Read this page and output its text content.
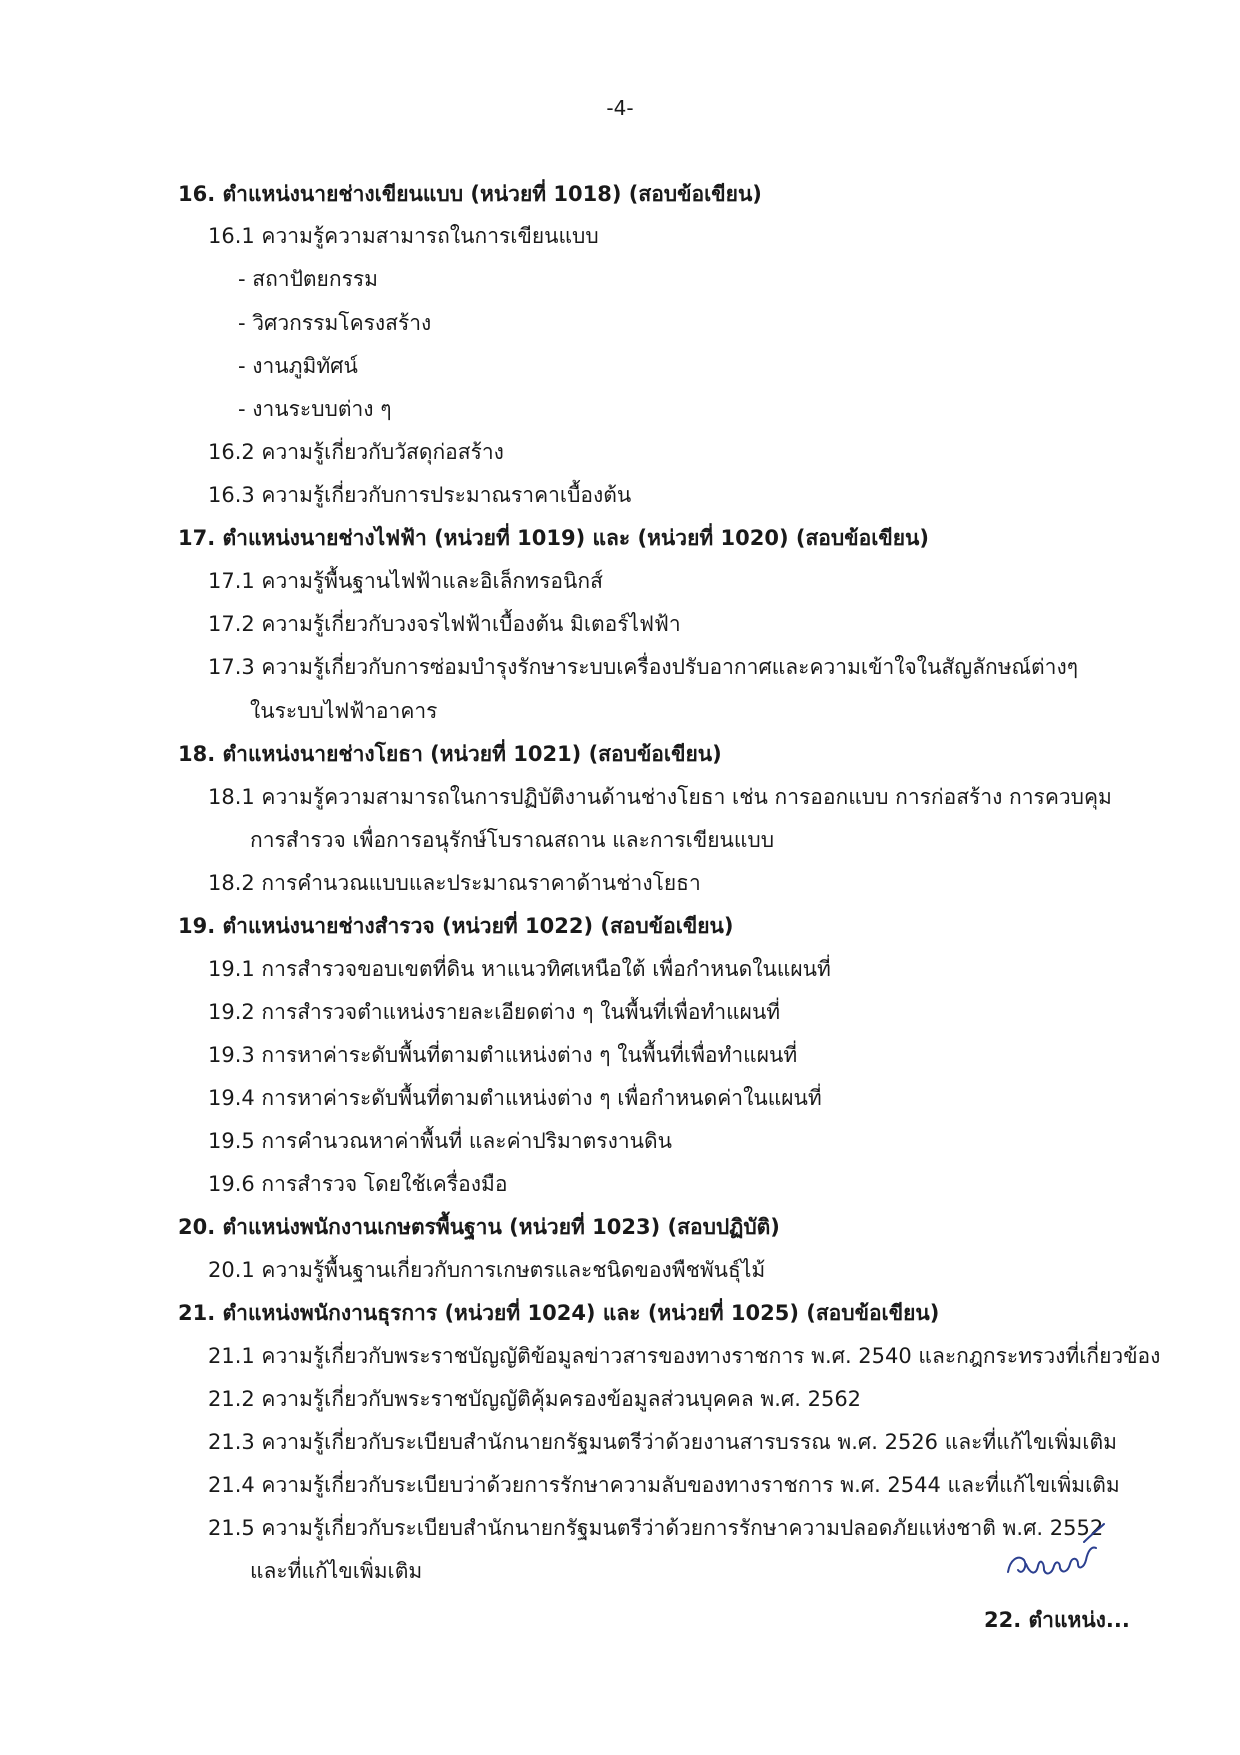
-4-
16. ตำแหน่งนายช่างเขียนแบบ (หน่วยที่ 1018) (สอบข้อเขียน)
16.1 ความรู้ความสามารถในการเขียนแบบ
- สถาปัตยกรรม
- วิศวกรรมโครงสร้าง
- งานภูมิทัศน์
- งานระบบต่าง ๆ
16.2 ความรู้เกี่ยวกับวัสดุก่อสร้าง
16.3 ความรู้เกี่ยวกับการประมาณราคาเบื้องต้น
17. ตำแหน่งนายช่างไฟฟ้า (หน่วยที่ 1019) และ (หน่วยที่ 1020) (สอบข้อเขียน)
17.1 ความรู้พื้นฐานไฟฟ้าและอิเล็กทรอนิกส์
17.2 ความรู้เกี่ยวกับวงจรไฟฟ้าเบื้องต้น มิเตอร์ไฟฟ้า
17.3 ความรู้เกี่ยวกับการซ่อมบำรุงรักษาระบบเครื่องปรับอากาศและความเข้าใจในสัญลักษณ์ต่างๆ
ในระบบไฟฟ้าอาคาร
18. ตำแหน่งนายช่างโยธา (หน่วยที่ 1021) (สอบข้อเขียน)
18.1 ความรู้ความสามารถในการปฏิบัติงานด้านช่างโยธา เช่น การออกแบบ การก่อสร้าง การควบคุม
การสำรวจ เพื่อการอนุรักษ์โบราณสถาน และการเขียนแบบ
18.2 การคำนวณแบบและประมาณราคาด้านช่างโยธา
19. ตำแหน่งนายช่างสำรวจ (หน่วยที่ 1022) (สอบข้อเขียน)
19.1 การสำรวจขอบเขตที่ดิน หาแนวทิศเหนือใต้ เพื่อกำหนดในแผนที่
19.2 การสำรวจตำแหน่งรายละเอียดต่าง ๆ ในพื้นที่เพื่อทำแผนที่
19.3 การหาค่าระดับพื้นที่ตามตำแหน่งต่าง ๆ ในพื้นที่เพื่อทำแผนที่
19.4 การหาค่าระดับพื้นที่ตามตำแหน่งต่าง ๆ เพื่อกำหนดค่าในแผนที่
19.5 การคำนวณหาค่าพื้นที่ และค่าปริมาตรงานดิน
19.6 การสำรวจ โดยใช้เครื่องมือ
20. ตำแหน่งพนักงานเกษตรพื้นฐาน (หน่วยที่ 1023) (สอบปฏิบัติ)
20.1 ความรู้พื้นฐานเกี่ยวกับการเกษตรและชนิดของพืชพันธุ์ไม้
21. ตำแหน่งพนักงานธุรการ (หน่วยที่ 1024) และ (หน่วยที่ 1025) (สอบข้อเขียน)
21.1 ความรู้เกี่ยวกับพระราชบัญญัติข้อมูลข่าวสารของทางราชการ พ.ศ. 2540 และกฎกระทรวงที่เกี่ยวข้อง
21.2 ความรู้เกี่ยวกับพระราชบัญญัติคุ้มครองข้อมูลส่วนบุคคล พ.ศ. 2562
21.3 ความรู้เกี่ยวกับระเบียบสำนักนายกรัฐมนตรีว่าด้วยงานสารบรรณ พ.ศ. 2526 และที่แก้ไขเพิ่มเติม
21.4 ความรู้เกี่ยวกับระเบียบว่าด้วยการรักษาความลับของทางราชการ พ.ศ. 2544 และที่แก้ไขเพิ่มเติม
21.5 ความรู้เกี่ยวกับระเบียบสำนักนายกรัฐมนตรีว่าด้วยการรักษาความปลอดภัยแห่งชาติ พ.ศ. 2552
และที่แก้ไขเพิ่มเติม
22. ตำแหน่ง...
